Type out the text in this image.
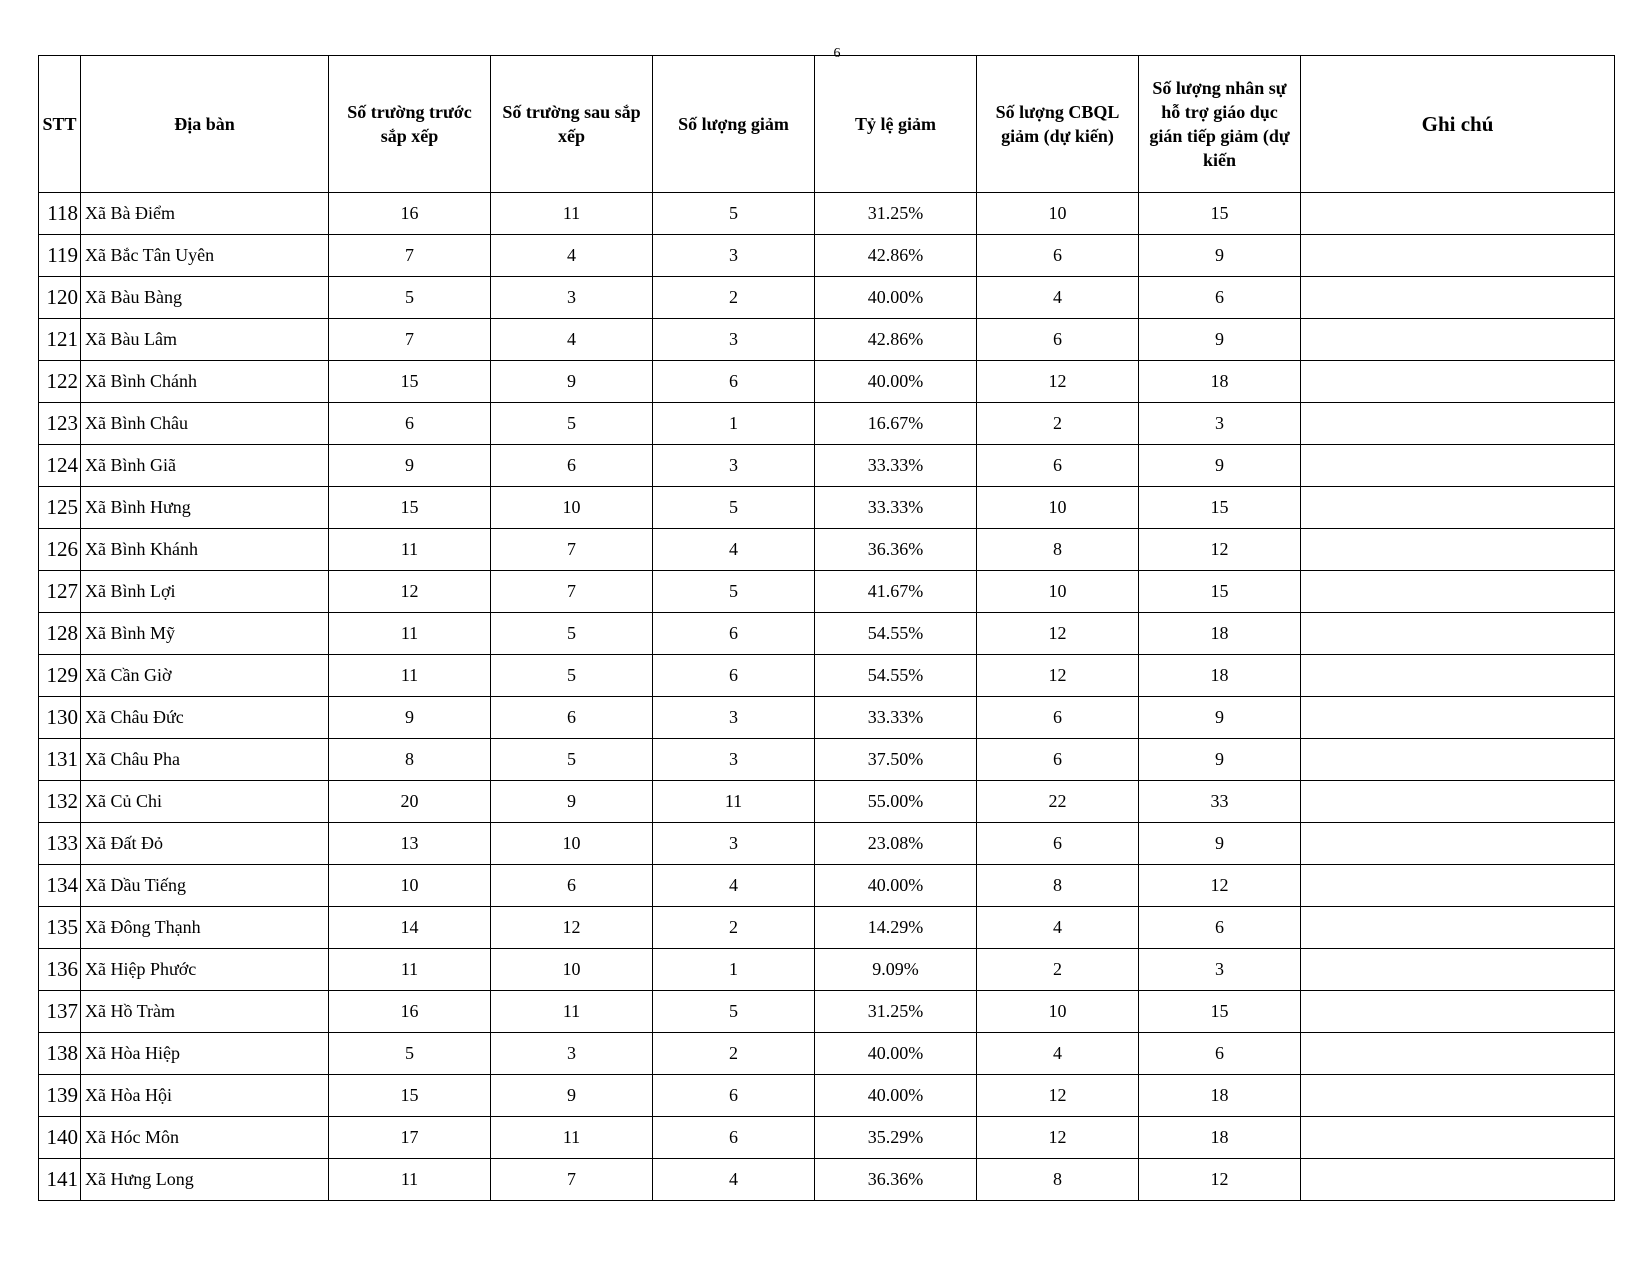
6
STT	Địa bàn	Số trường trước sắp xếp	Số trường sau sắp xếp	Số lượng giảm	Tỷ lệ giảm	Số lượng CBQL giảm (dự kiến)	Số lượng nhân sự hỗ trợ giáo dục gián tiếp giảm (dự kiến	Ghi chú
118	Xã Bà Điểm	16	11	5	31.25%	10	15	
119	Xã Bắc Tân Uyên	7	4	3	42.86%	6	9	
120	Xã Bàu Bàng	5	3	2	40.00%	4	6	
121	Xã Bàu Lâm	7	4	3	42.86%	6	9	
122	Xã Bình Chánh	15	9	6	40.00%	12	18	
123	Xã Bình Châu	6	5	1	16.67%	2	3	
124	Xã Bình Giã	9	6	3	33.33%	6	9	
125	Xã Bình Hưng	15	10	5	33.33%	10	15	
126	Xã Bình Khánh	11	7	4	36.36%	8	12	
127	Xã Bình Lợi	12	7	5	41.67%	10	15	
128	Xã Bình Mỹ	11	5	6	54.55%	12	18	
129	Xã Cần Giờ	11	5	6	54.55%	12	18	
130	Xã Châu Đức	9	6	3	33.33%	6	9	
131	Xã Châu Pha	8	5	3	37.50%	6	9	
132	Xã Củ Chi	20	9	11	55.00%	22	33	
133	Xã Đất Đỏ	13	10	3	23.08%	6	9	
134	Xã Dầu Tiếng	10	6	4	40.00%	8	12	
135	Xã Đông Thạnh	14	12	2	14.29%	4	6	
136	Xã Hiệp Phước	11	10	1	9.09%	2	3	
137	Xã Hồ Tràm	16	11	5	31.25%	10	15	
138	Xã Hòa Hiệp	5	3	2	40.00%	4	6	
139	Xã Hòa Hội	15	9	6	40.00%	12	18	
140	Xã Hóc Môn	17	11	6	35.29%	12	18	
141	Xã Hưng Long	11	7	4	36.36%	8	12	
